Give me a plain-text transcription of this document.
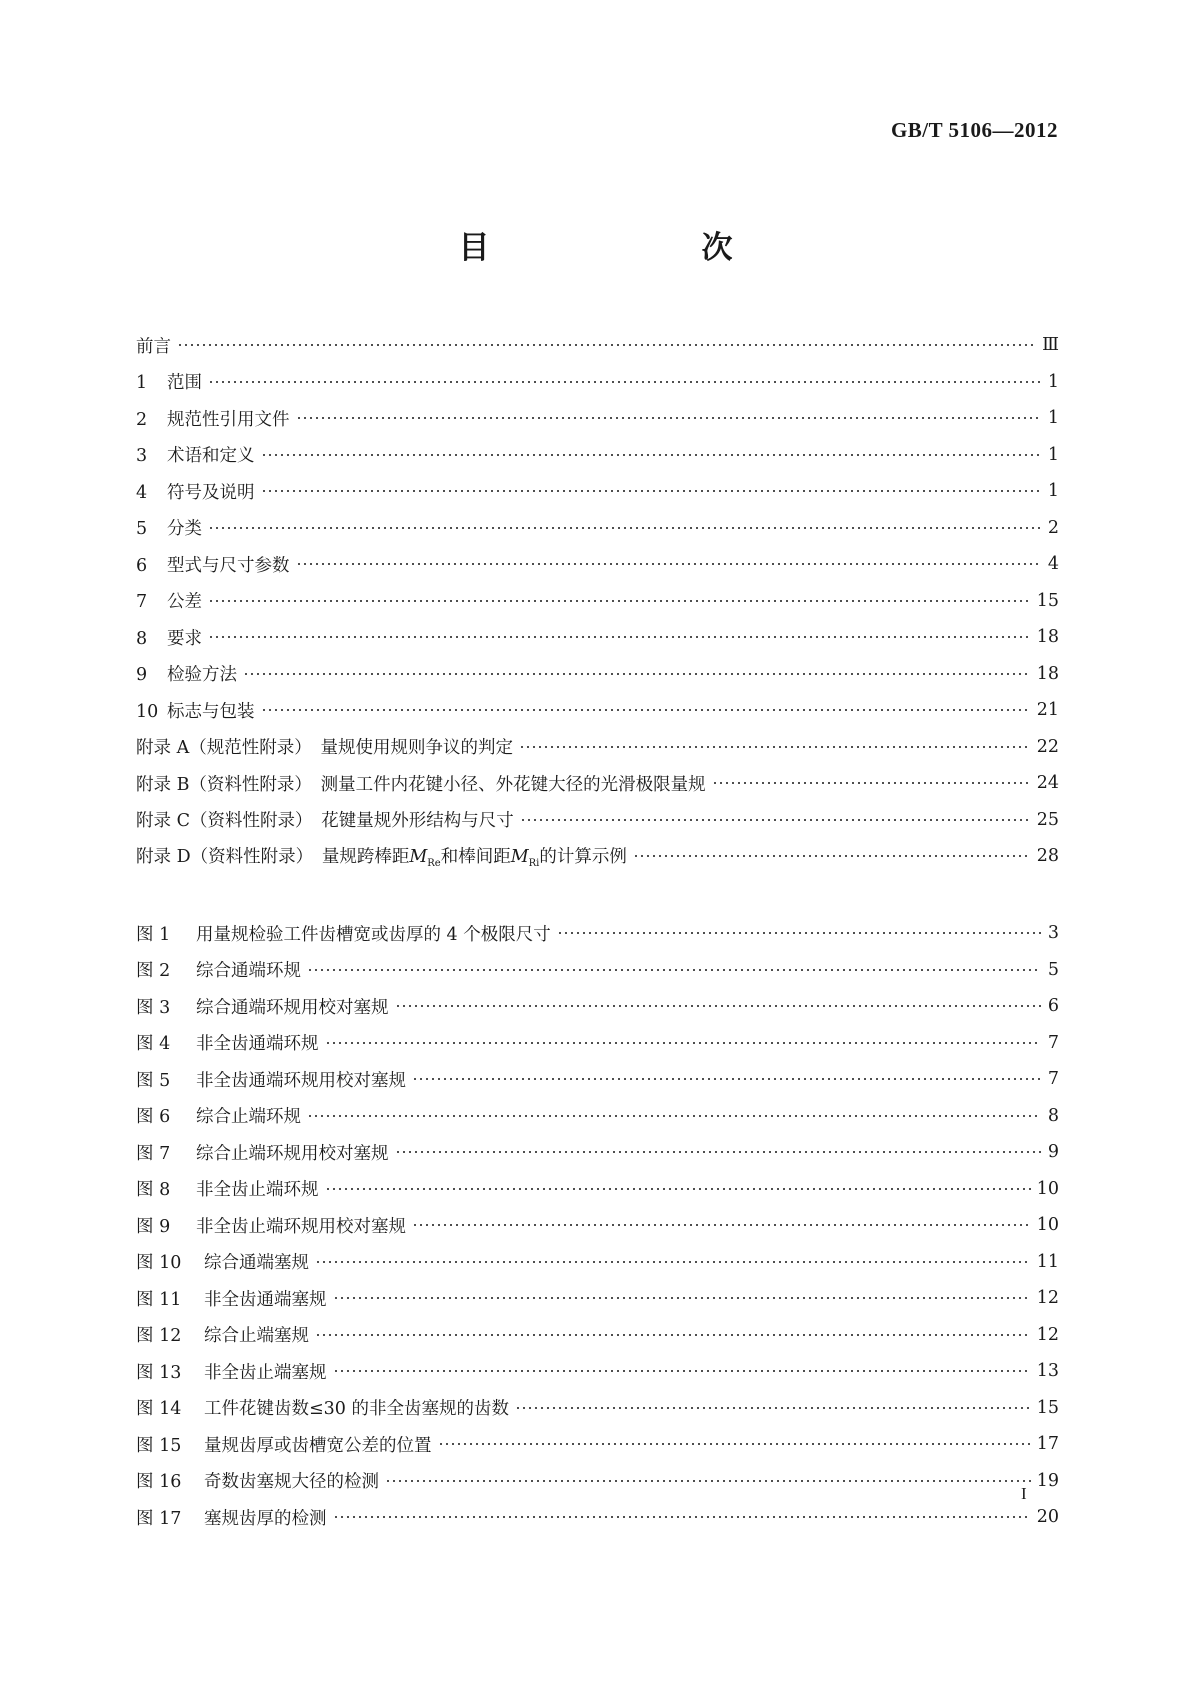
GB/T 5106—2012
目　　次
前言	Ⅲ
1 范围	1
2 规范性引用文件	1
3 术语和定义	1
4 符号及说明	1
5 分类	2
6 型式与尺寸参数	4
7 公差	15
8 要求	18
9 检验方法	18
10 标志与包装	21
附录 A（规范性附录）　量规使用规则争议的判定	22
附录 B（资料性附录）　测量工件内花键小径、外花键大径的光滑极限量规	24
附录 C（资料性附录）　花键量规外形结构与尺寸	25
附录 D（资料性附录）　量规跨棒距$M_{Re}$和棒间距$M_{Ri}$的计算示例	28
图 1 用量规检验工件齿槽宽或齿厚的 4 个极限尺寸	3
图 2 综合通端环规	5
图 3 综合通端环规用校对塞规	6
图 4 非全齿通端环规	7
图 5 非全齿通端环规用校对塞规	7
图 6 综合止端环规	8
图 7 综合止端环规用校对塞规	9
图 8 非全齿止端环规	10
图 9 非全齿止端环规用校对塞规	10
图 10 综合通端塞规	11
图 11 非全齿通端塞规	12
图 12 综合止端塞规	12
图 13 非全齿止端塞规	13
图 14 工件花键齿数≤30 的非全齿塞规的齿数	15
图 15 量规齿厚或齿槽宽公差的位置	17
图 16 奇数齿塞规大径的检测	19
图 17 塞规齿厚的检测	20
I
